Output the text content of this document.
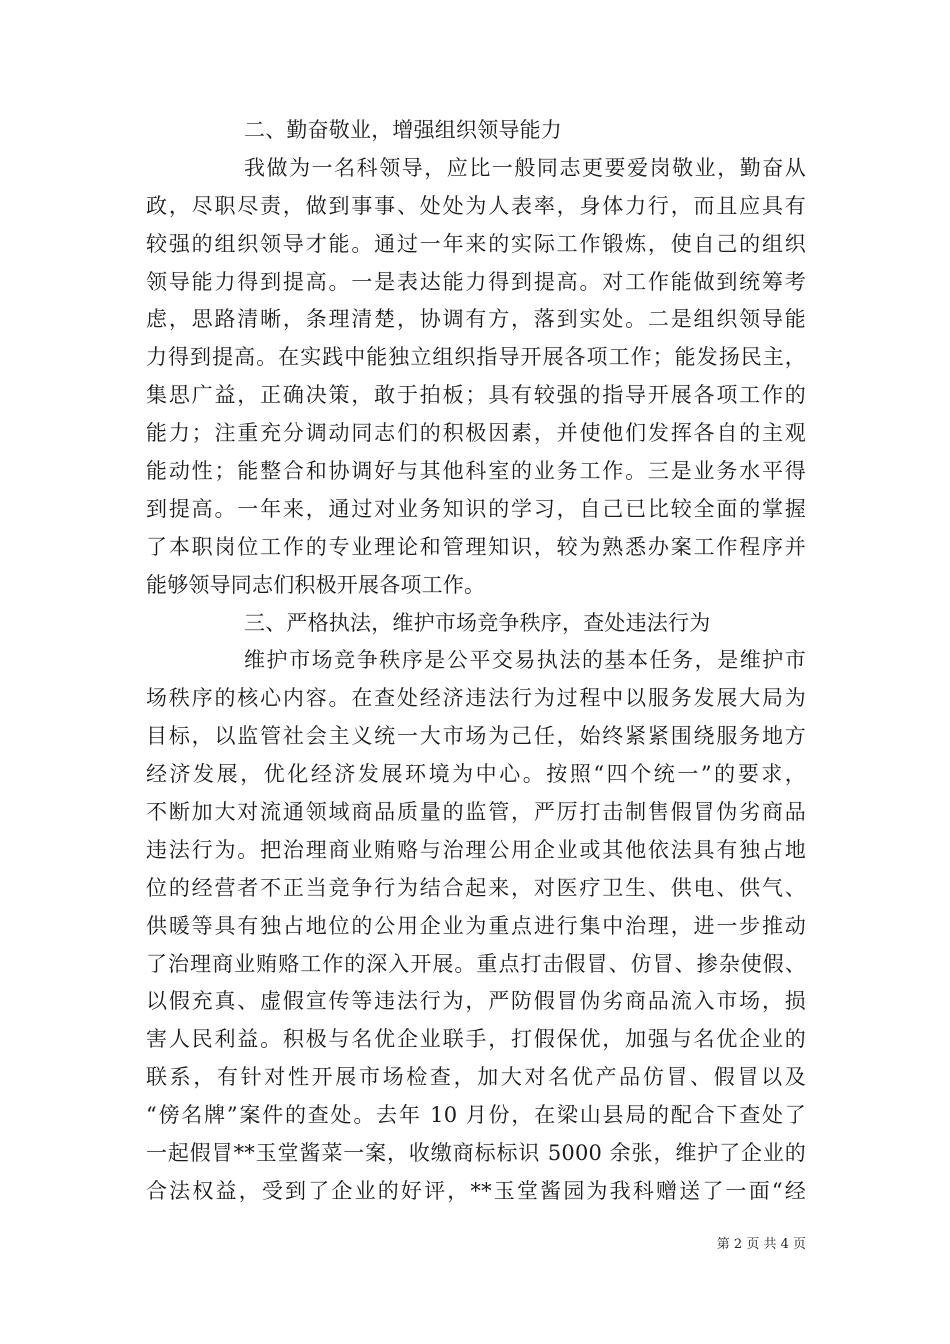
二、勤奋敬业，增强组织领导能力
我做为一名科领导，应比一般同志更要爱岗敬业，勤奋从
政，尽职尽责，做到事事、处处为人表率，身体力行，而且应具有
较强的组织领导才能。通过一年来的实际工作锻炼，使自己的组织
领导能力得到提高。一是表达能力得到提高。对工作能做到统筹考
虑，思路清晰，条理清楚，协调有方，落到实处。二是组织领导能
力得到提高。在实践中能独立组织指导开展各项工作；能发扬民主，
集思广益，正确决策，敢于拍板；具有较强的指导开展各项工作的
能力；注重充分调动同志们的积极因素，并使他们发挥各自的主观
能动性；能整合和协调好与其他科室的业务工作。三是业务水平得
到提高。一年来，通过对业务知识的学习，自己已比较全面的掌握
了本职岗位工作的专业理论和管理知识，较为熟悉办案工作程序并
能够领导同志们积极开展各项工作。
三、严格执法，维护市场竞争秩序，查处违法行为
维护市场竞争秩序是公平交易执法的基本任务，是维护市
场秩序的核心内容。在查处经济违法行为过程中以服务发展大局为
目标，以监管社会主义统一大市场为己任，始终紧紧围绕服务地方
经济发展，优化经济发展环境为中心。按照“四个统一”的要求，
不断加大对流通领域商品质量的监管，严厉打击制售假冒伪劣商品
违法行为。把治理商业贿赂与治理公用企业或其他依法具有独占地
位的经营者不正当竞争行为结合起来，对医疗卫生、供电、供气、
供暖等具有独占地位的公用企业为重点进行集中治理，进一步推动
了治理商业贿赂工作的深入开展。重点打击假冒、仿冒、掺杂使假、
以假充真、虚假宣传等违法行为，严防假冒伪劣商品流入市场，损
害人民利益。积极与名优企业联手，打假保优，加强与名优企业的
联系，有针对性开展市场检查，加大对名优产品仿冒、假冒以及
“傍名牌”案件的查处。去年 10 月份，在梁山县局的配合下查处了
一起假冒**玉堂酱菜一案，收缴商标标识 5000 余张，维护了企业的
合法权益，受到了企业的好评，**玉堂酱园为我科赠送了一面“经
第 2 页 共 4 页
